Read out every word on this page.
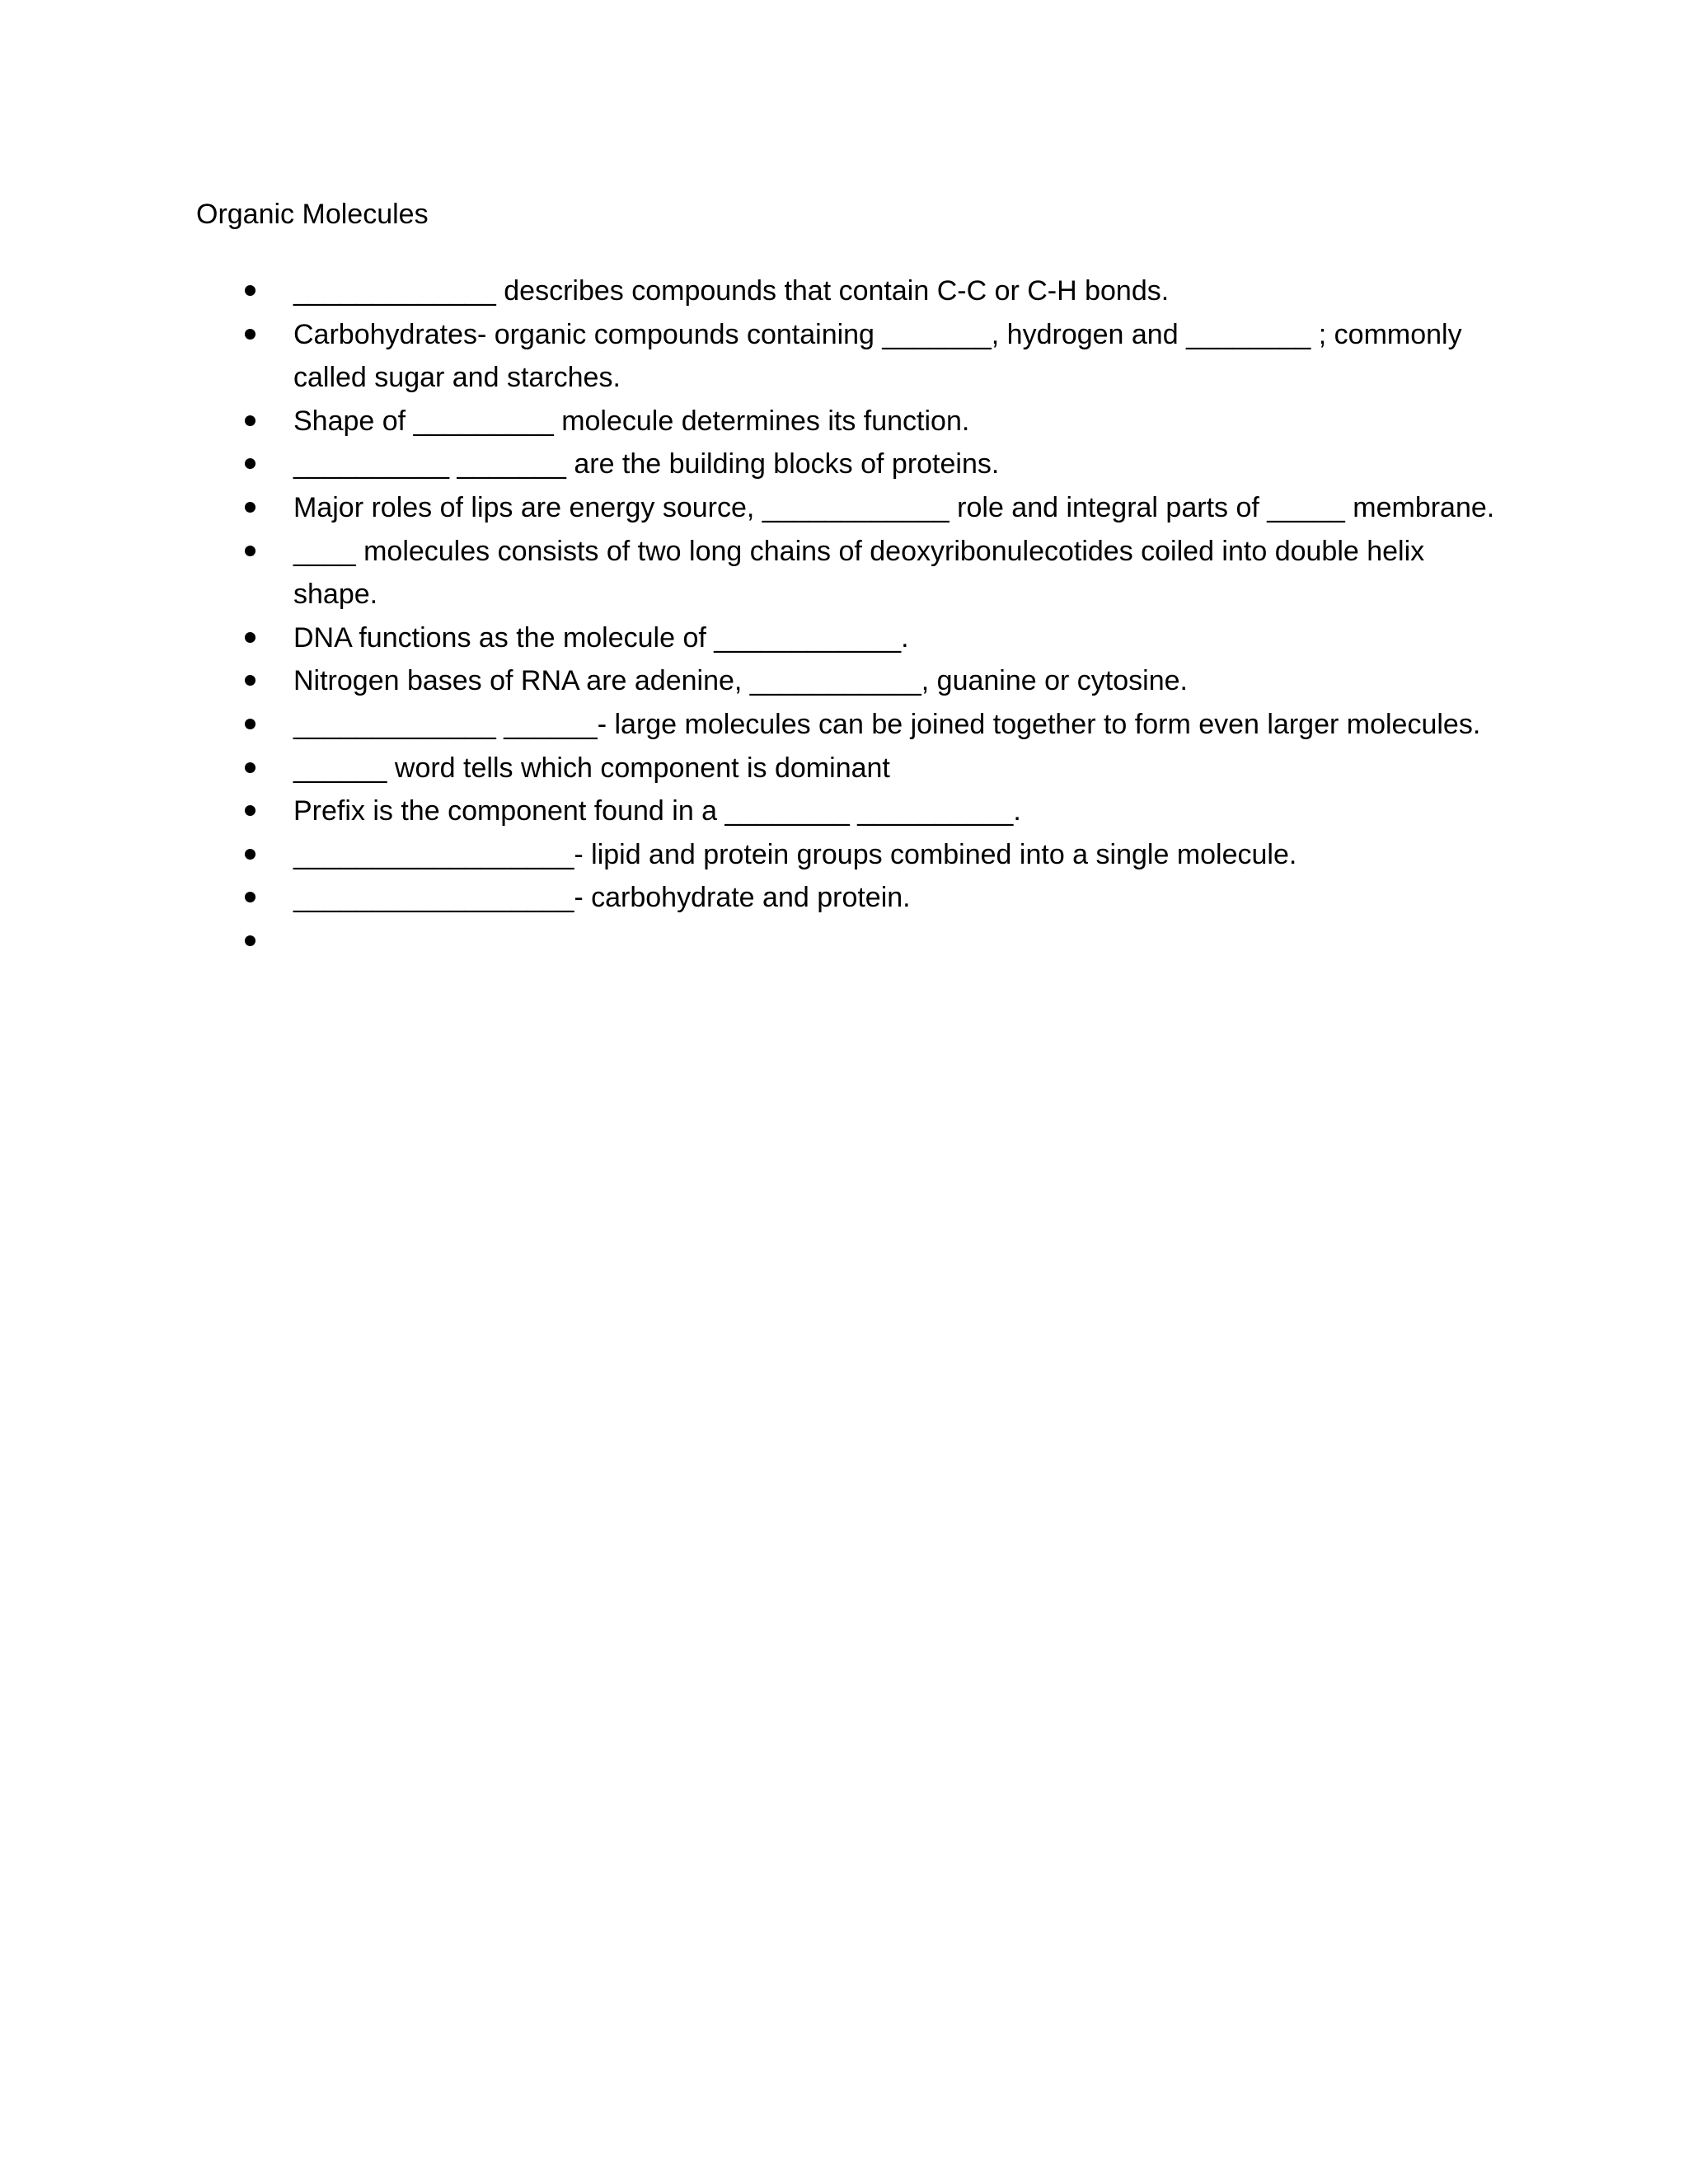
Organic Molecules
_____________ describes compounds that contain C-C or C-H bonds.
Carbohydrates- organic compounds containing _______, hydrogen and ________ ; commonly called sugar and starches.
Shape of _________ molecule determines its function.
__________ _______ are the building blocks of proteins.
Major roles of lips are energy source, ____________ role and integral parts of _____ membrane.
____ molecules consists of two long chains of deoxyribonulecotides coiled into double helix shape.
DNA functions as the molecule of ____________.
Nitrogen bases of RNA are adenine, ___________, guanine or cytosine.
_____________ ______- large molecules can be joined together to form even larger molecules.
______ word tells which component is dominant
Prefix is the component found in a ________ __________.
__________________- lipid and protein groups combined into a single molecule.
__________________- carbohydrate and protein.
